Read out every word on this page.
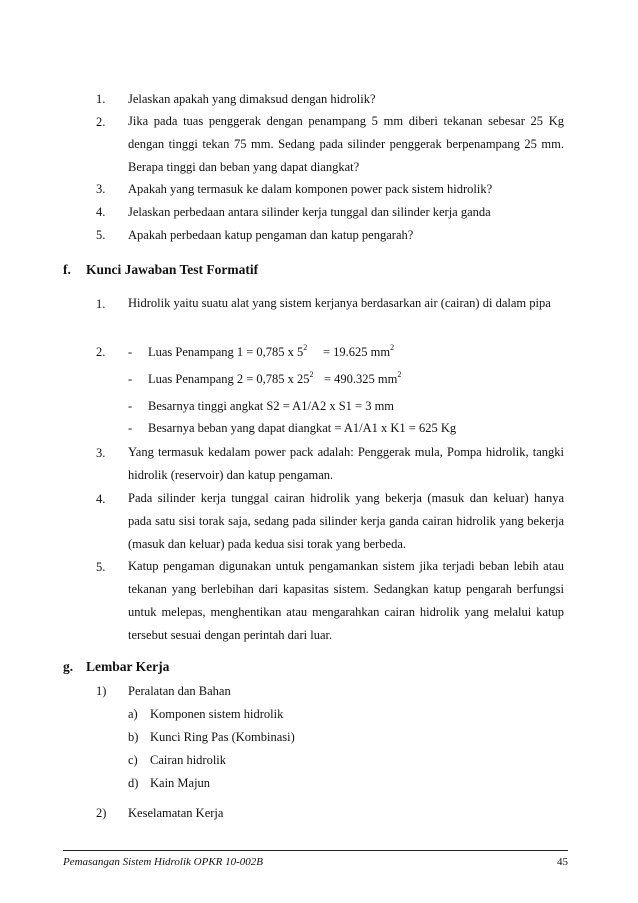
1. Jelaskan apakah yang dimaksud dengan hidrolik?
2. Jika pada tuas penggerak dengan penampang 5 mm diberi tekanan sebesar 25 Kg dengan tinggi tekan 75 mm. Sedang pada silinder penggerak berpenampang 25 mm. Berapa tinggi dan beban yang dapat diangkat?
3. Apakah yang termasuk ke dalam komponen power pack sistem hidrolik?
4. Jelaskan perbedaan antara silinder kerja tunggal dan silinder kerja ganda
5. Apakah perbedaan katup pengaman dan katup pengarah?
f. Kunci Jawaban Test Formatif
1. Hidrolik yaitu suatu alat yang sistem kerjanya berdasarkan air (cairan) di dalam pipa
2. - Luas Penampang 1 = 0,785 x $5^2 = 19.625$ $mm^2$
- Luas Penampang 2 = 0,785 x $25^2 = 490.325$ $mm^2$
- Besarnya tinggi angkat S2 = A1/A2 x S1 = 3 mm
- Besarnya beban yang dapat diangkat = A1/A1 x K1 = 625 Kg
3. Yang termasuk kedalam power pack adalah: Penggerak mula, Pompa hidrolik, tangki hidrolik (reservoir) dan katup pengaman.
4. Pada silinder kerja tunggal cairan hidrolik yang bekerja (masuk dan keluar) hanya pada satu sisi torak saja, sedang pada silinder kerja ganda cairan hidrolik yang bekerja (masuk dan keluar) pada kedua sisi torak yang berbeda.
5. Katup pengaman digunakan untuk pengamankan sistem jika terjadi beban lebih atau tekanan yang berlebihan dari kapasitas sistem. Sedangkan katup pengarah berfungsi untuk melepas, menghentikan atau mengarahkan cairan hidrolik yang melalui katup tersebut sesuai dengan perintah dari luar.
g. Lembar Kerja
1) Peralatan dan Bahan
a) Komponen sistem hidrolik
b) Kunci Ring Pas (Kombinasi)
c) Cairan hidrolik
d) Kain Majun
2) Keselamatan Kerja
Pemasangan Sistem Hidrolik OPKR 10-002B	45
